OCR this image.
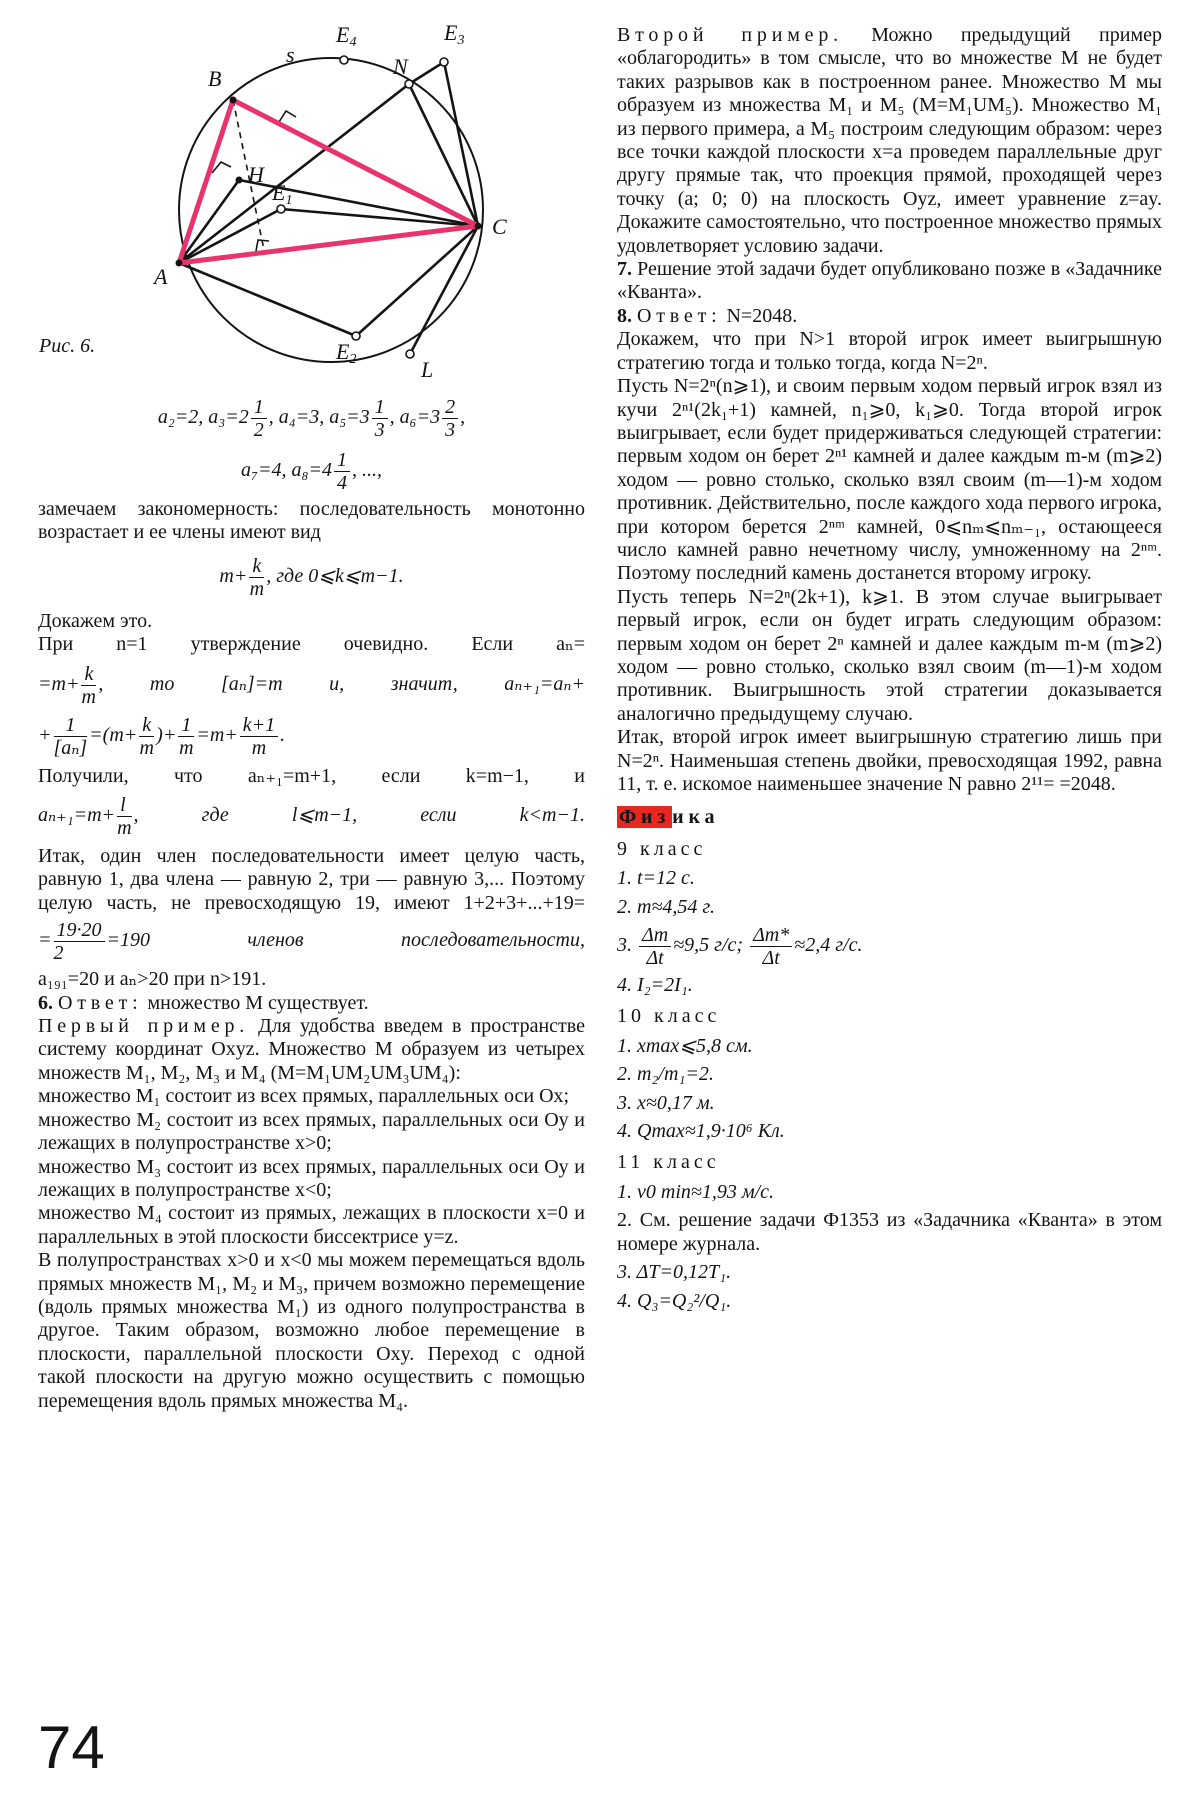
B
s
E4
N
E3
H
E1
C
A
E2	L
Рис. 6.

a₂=2, $a_3=2 \frac{1}{2}$ , a₄=3, $a_5=3 \frac{1}{3}$ , $a_6=3 \frac{2}{3}$ ,

a₇=4, $a_8=4 \frac{1}{4}$ , ...,

замечаем закономерность: последовательность монотонно возрастает и ее члены имеют вид

$m+ \frac{k}{m}$ , где 0⩽k⩽m−1.

Докажем это.

При n=1 утверждение очевидно. Если aₙ=

$=m+ \frac{k}{m}$ , то [aₙ]=m и, значит, aₙ₊₁=aₙ+

+ $\frac{1}{\text{[aₙ]}} =(m+ \frac{k}{m}$ )+ $\frac{1}{m} =m+ \frac{k+1}{m}$ .

Получили, что aₙ₊₁=m+1, если k=m−1, и

$a_{n+1}=m+ \frac{l}{m}$ , где l⩽m−1, если k<m−1.

Итак, один член последовательности имеет целую часть, равную 1, два члена — равную 2, три — равную 3,... Поэтому целую часть, не превосходящую 19, имеют 1+2+3+...+19=

= $\frac{19\cdot 20}{2} =190$ членов последовательности,

a₁₉₁=20 и aₙ>20 при n>191.

6. Ответ: множество M существует.

Первый пример. Для удобства введем в пространстве систему координат Oxyz. Множество M образуем из четырех множеств M₁, M₂, M₃ и M₄ (M=M₁UM₂UM₃UM₄):

множество M₁ состоит из всех прямых, параллельных оси Ox;

множество M₂ состоит из всех прямых, параллельных оси Oy и лежащих в полупространстве x>0;

множество M₃ состоит из всех прямых, параллельных оси Oy и лежащих в полупространстве x<0;

множество M₄ состоит из прямых, лежащих в плоскости x=0 и параллельных в этой плоскости биссектрисе y=z.

В полупространствах x>0 и x<0 мы можем перемещаться вдоль прямых множеств M₁, M₂ и M₃, причем возможно перемещение (вдоль прямых множества M₁) из одного полупространства в другое. Таким образом, возможно любое перемещение в плоскости, параллельной плоскости Oxy. Переход с одной такой плоскости на другую можно осуществить с помощью перемещения вдоль прямых множества M₄.

Второй пример. Можно предыдущий пример «облагородить» в том смысле, что во множестве M не будет таких разрывов как в построенном ранее. Множество M мы образуем из множества M₁ и M₅ (M=M₁UM₅). Множество M₁ из первого примера, а M₅ построим следующим образом: через все точки каждой плоскости x=a проведем параллельные друг другу прямые так, что проекция прямой, проходящей через точку (a; 0; 0) на плоскость Oyz, имеет уравнение z=ay. Докажите самостоятельно, что построенное множество прямых удовлетворяет условию задачи.

7. Решение этой задачи будет опубликовано позже в «Задачнике «Кванта».

8. Ответ: N=2048.

Докажем, что при N>1 второй игрок имеет выигрышную стратегию тогда и только тогда, когда N=2ⁿ.

Пусть N=2ⁿ(n⩾1), и своим первым ходом первый игрок взял из кучи 2ⁿ¹(2k₁+1) камней, n₁⩾0, k₁⩾0. Тогда второй игрок выигрывает, если будет придерживаться следующей стратегии: первым ходом он берет 2ⁿ¹ камней и далее каждым m-м (m⩾2) ходом — ровно столько, сколько взял своим (m—1)-м ходом противник. Действительно, после каждого хода первого игрока, при котором берется 2ⁿᵐ камней, 0⩽nₘ⩽nₘ₋₁, остающееся число камней равно нечетному числу, умноженному на 2ⁿᵐ. Поэтому последний камень достанется второму игроку.

Пусть теперь N=2ⁿ(2k+1), k⩾1. В этом случае выигрывает первый игрок, если он будет играть следующим образом: первым ходом он берет 2ⁿ камней и далее каждым m-м (m⩾2) ходом — ровно столько, сколько взял своим (m—1)-м ходом противник. Выигрышность этой стратегии доказывается аналогично предыдущему случаю.

Итак, второй игрок имеет выигрышную стратегию лишь при N=2ⁿ. Наименьшая степень двойки, превосходящая 1992, равна 11, т. е. искомое наименьшее значение N равно 2¹¹= =2048.

Физ ика
9 класс

1. t=12 с.

2. m≈4,54 г.

3. $\frac{\Delta m}{\Delta t} \approx 9,5$ г/с; $\frac{\Delta m*}{\Delta t} \approx 2,4$ г/с.

4. I₂=2I₁.

10 класс

1. xmax⩽5,8 см.

2. m₂/m₁=2.

3. x≈0,17 м.

4. Qmax≈1,9·10⁶ Кл.

11 класс

1. v0 min≈1,93 м/с.

2. См. решение задачи Ф1353 из «Задачника «Кванта» в этом номере журнала.

3. ΔT=0,12T₁.

4. Q₃=Q₂²/Q₁.

74
